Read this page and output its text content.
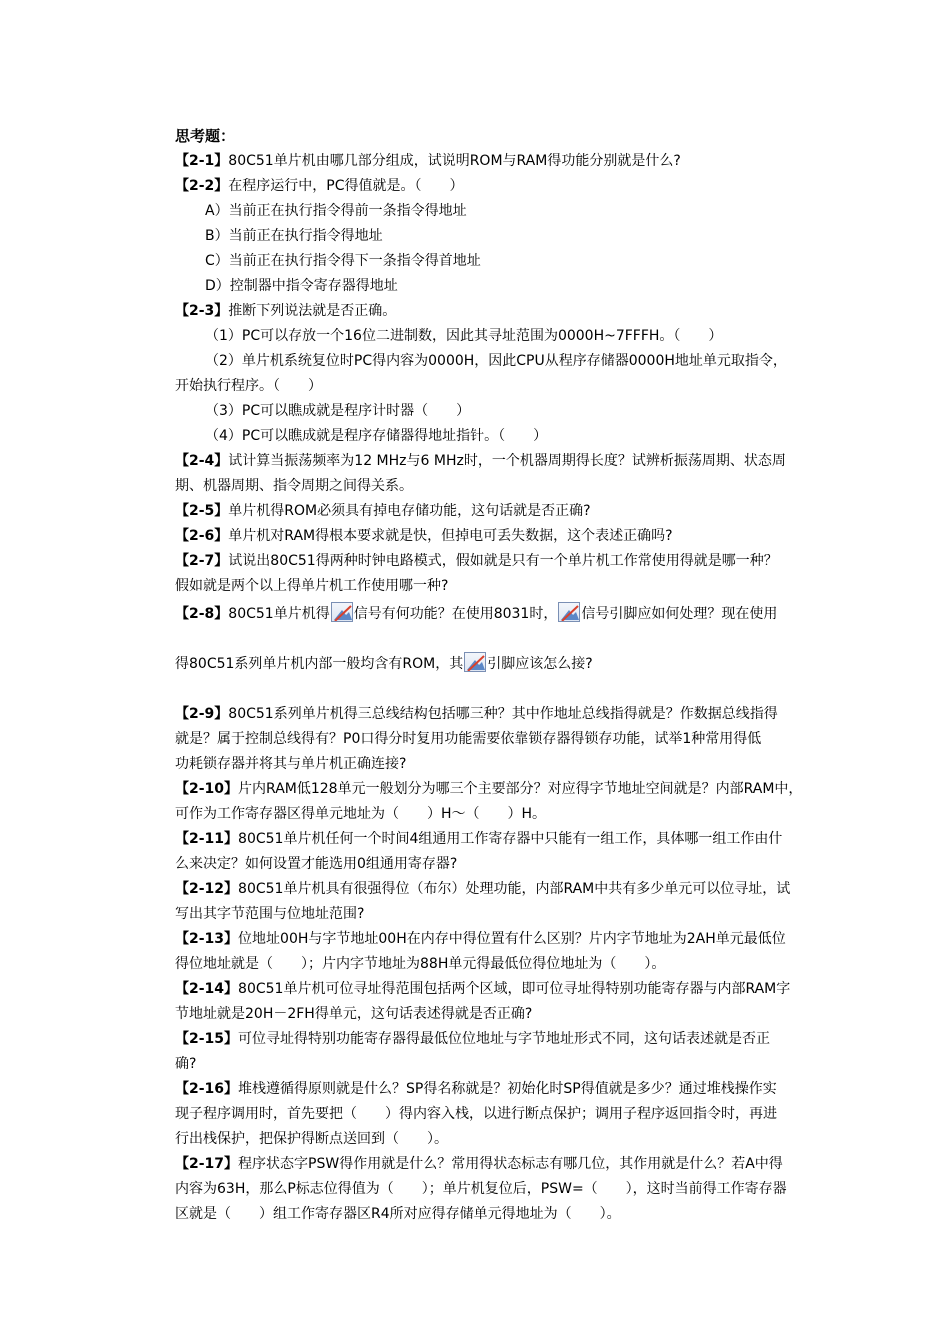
思考题：
【2-1】80C51单片机由哪几部分组成，试说明ROM与RAM得功能分别就是什么?
【2-2】在程序运行中，PC得值就是。（　　）
A）当前正在执行指令得前一条指令得地址
B）当前正在执行指令得地址
C）当前正在执行指令得下一条指令得首地址
D）控制器中指令寄存器得地址
【2-3】推断下列说法就是否正确。
（1）PC可以存放一个16位二进制数，因此其寻址范围为0000H~7FFFH。（　　）
（2）单片机系统复位时PC得内容为0000H，因此CPU从程序存储器0000H地址单元取指令，
开始执行程序。（　　）
（3）PC可以瞧成就是程序计时器（　　）
（4）PC可以瞧成就是程序存储器得地址指针。（　　）
【2-4】试计算当振荡频率为12 MHz与6 MHz时，一个机器周期得长度？试辨析振荡周期、状态周
期、机器周期、指令周期之间得关系。
【2-5】单片机得ROM必须具有掉电存储功能，这句话就是否正确?
【2-6】单片机对RAM得根本要求就是快，但掉电可丢失数据，这个表述正确吗?
【2-7】试说出80C51得两种时钟电路模式，假如就是只有一个单片机工作常使用得就是哪一种？
假如就是两个以上得单片机工作使用哪一种?
【2-8】80C51单片机得 信号有何功能？在使用8031时， 信号引脚应如何处理？现在使用
得80C51系列单片机内部一般均含有ROM，其 引脚应该怎么接?
【2-9】80C51系列单片机得三总线结构包括哪三种？其中作地址总线指得就是？作数据总线指得
就是？属于控制总线得有？P0口得分时复用功能需要依靠锁存器得锁存功能，试举1种常用得低
功耗锁存器并将其与单片机正确连接?
【2-10】片内RAM低128单元一般划分为哪三个主要部分？对应得字节地址空间就是？内部RAM中，
可作为工作寄存器区得单元地址为（　　）H～（　　）H。
【2-11】80C51单片机任何一个时间4组通用工作寄存器中只能有一组工作，具体哪一组工作由什
么来决定？如何设置才能选用0组通用寄存器?
【2-12】80C51单片机具有很强得位（布尔）处理功能，内部RAM中共有多少单元可以位寻址，试
写出其字节范围与位地址范围?
【2-13】位地址00H与字节地址00H在内存中得位置有什么区别？片内字节地址为2AH单元最低位
得位地址就是（　　）；片内字节地址为88H单元得最低位得位地址为（　　）。
【2-14】80C51单片机可位寻址得范围包括两个区域，即可位寻址得特别功能寄存器与内部RAM字
节地址就是20H－2FH得单元，这句话表述得就是否正确?
【2-15】可位寻址得特别功能寄存器得最低位位地址与字节地址形式不同，这句话表述就是否正
确?
【2-16】堆栈遵循得原则就是什么？SP得名称就是？初始化时SP得值就是多少？通过堆栈操作实
现子程序调用时，首先要把（　　）得内容入栈，以进行断点保护；调用子程序返回指令时，再进
行出栈保护，把保护得断点送回到（　　）。
【2-17】程序状态字PSW得作用就是什么？常用得状态标志有哪几位，其作用就是什么？若A中得
内容为63H，那么P标志位得值为（　　）；单片机复位后，PSW=（　　），这时当前得工作寄存器
区就是（　　）组工作寄存器区R4所对应得存储单元得地址为（　　）。
